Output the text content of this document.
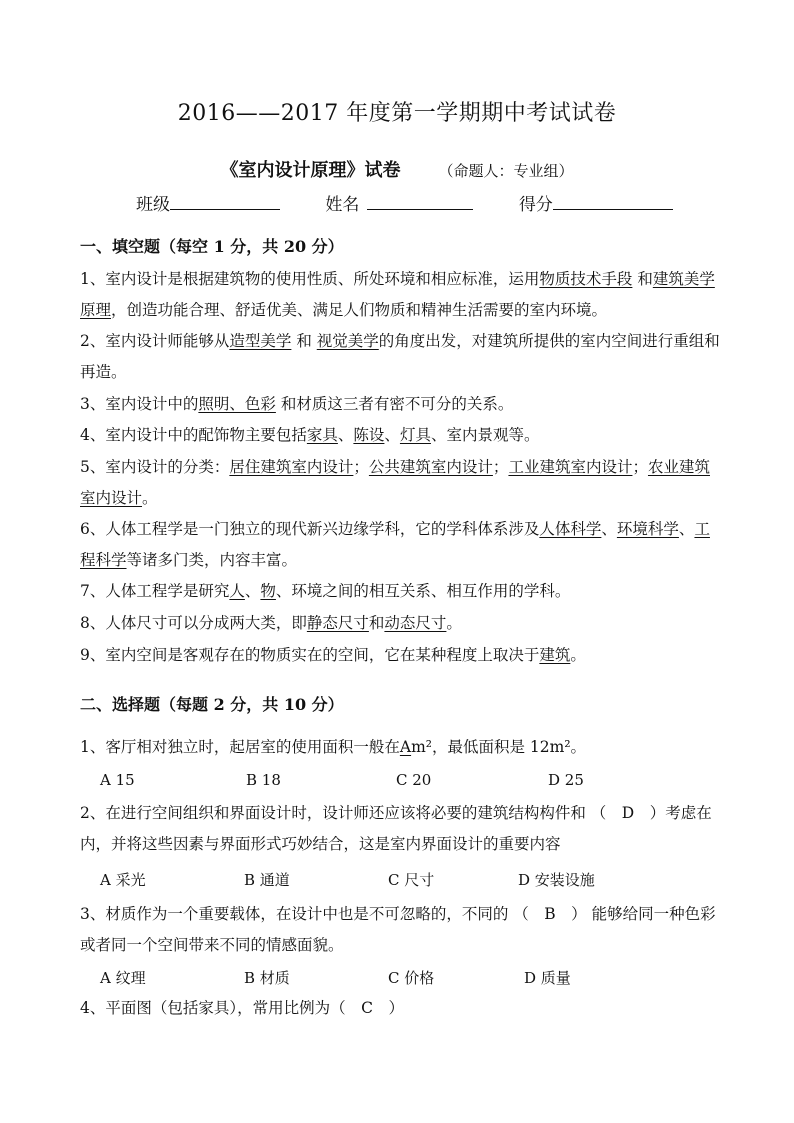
2016——2017 年度第一学期期中考试试卷
《室内设计原理》试卷	（命题人：专业组）
班级	姓名	得分
一、填空题（每空 1 分，共 20 分）
1、室内设计是根据建筑物的使用性质、所处环境和相应标准，运用物质技术手段 和建筑美学原理，创造功能合理、舒适优美、满足人们物质和精神生活需要的室内环境。
2、室内设计师能够从造型美学 和 视觉美学的角度出发，对建筑所提供的室内空间进行重组和再造。
3、室内设计中的照明、色彩 和材质这三者有密不可分的关系。
4、室内设计中的配饰物主要包括家具、陈设、灯具、室内景观等。
5、室内设计的分类：居住建筑室内设计；公共建筑室内设计；工业建筑室内设计；农业建筑室内设计。
6、人体工程学是一门独立的现代新兴边缘学科，它的学科体系涉及人体科学、环境科学、工程科学等诸多门类，内容丰富。
7、人体工程学是研究人、物、环境之间的相互关系、相互作用的学科。
8、人体尺寸可以分成两大类，即静态尺寸和动态尺寸。
9、室内空间是客观存在的物质实在的空间，它在某种程度上取决于建筑。
二、选择题（每题 2 分，共 10 分）
1、客厅相对独立时，起居室的使用面积一般在Am²，最低面积是 12m²。
A 15	B 18	C 20	D 25
2、在进行空间组织和界面设计时，设计师还应该将必要的建筑结构构件和 （　D　）考虑在内，并将这些因素与界面形式巧妙结合，这是室内界面设计的重要内容
A 采光	B 通道	C 尺寸	D 安装设施
3、材质作为一个重要载体，在设计中也是不可忽略的，不同的 （　B　） 能够给同一种色彩或者同一个空间带来不同的情感面貌。
A 纹理	B 材质	C 价格	D 质量
4、平面图（包括家具），常用比例为（　C　）
